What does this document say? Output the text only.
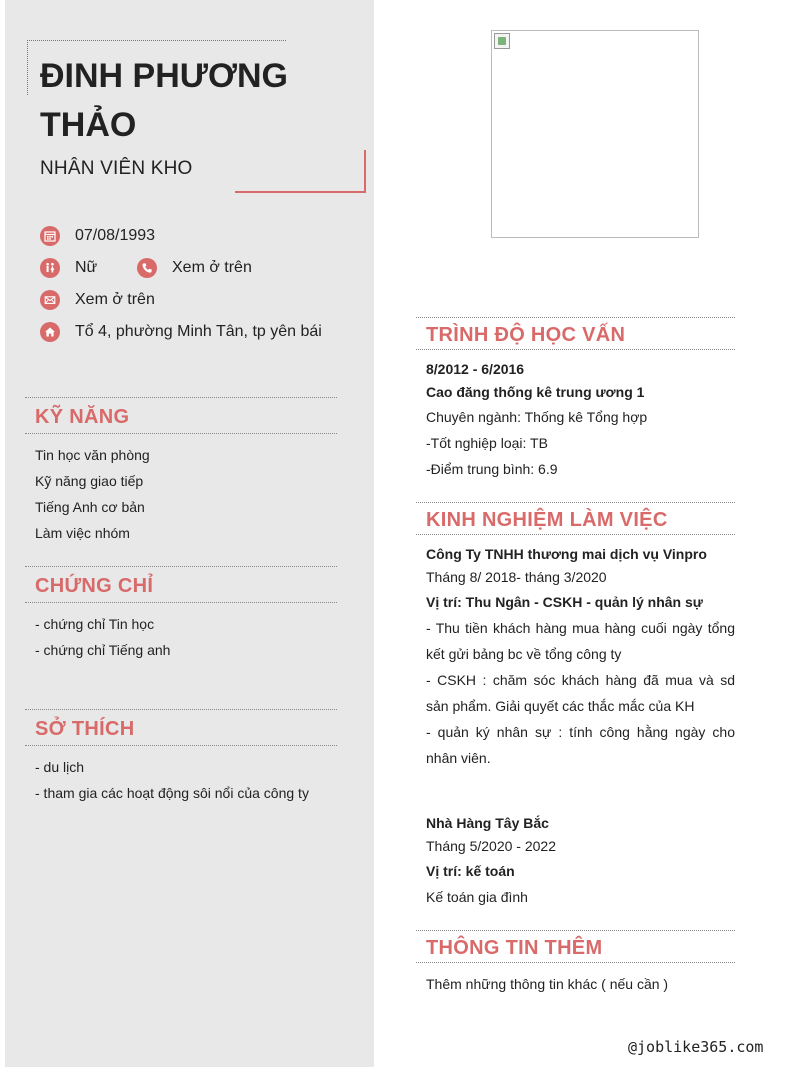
ĐINH PHƯƠNG THẢO
NHÂN VIÊN KHO
07/08/1993
Nữ	Xem ở trên
Xem ở trên
Tổ 4, phường Minh Tân, tp yên bái
KỸ NĂNG
Tin học văn phòng
Kỹ năng giao tiếp
Tiếng Anh cơ bản
Làm việc nhóm
CHỨNG CHỈ
- chứng chỉ Tin học
- chứng chỉ Tiếng anh
SỞ THÍCH
- du lịch
- tham gia các hoạt động sôi nổi của công ty
TRÌNH ĐỘ HỌC VẤN
8/2012 - 6/2016
Cao đăng thống kê trung ương 1
Chuyên ngành: Thống kê Tổng hợp
-Tốt nghiệp loại: TB
-Điểm trung bình: 6.9
KINH NGHIỆM LÀM VIỆC
Công Ty TNHH thương mai dịch vụ Vinpro
Tháng 8/ 2018- tháng 3/2020
Vị trí: Thu Ngân - CSKH - quản lý nhân sự
- Thu tiền khách hàng mua hàng cuối ngày tổng kết gửi bảng bc về tổng công ty
- CSKH : chăm sóc khách hàng đã mua và sd sản phẩm. Giải quyết các thắc mắc của KH
- quản ký nhân sự : tính công hằng ngày cho nhân viên.
Nhà Hàng Tây Bắc
Tháng 5/2020 - 2022
Vị trí: kế toán
Kế toán gia đình
THÔNG TIN THÊM
Thêm những thông tin khác ( nếu cần )
@joblike365.com
